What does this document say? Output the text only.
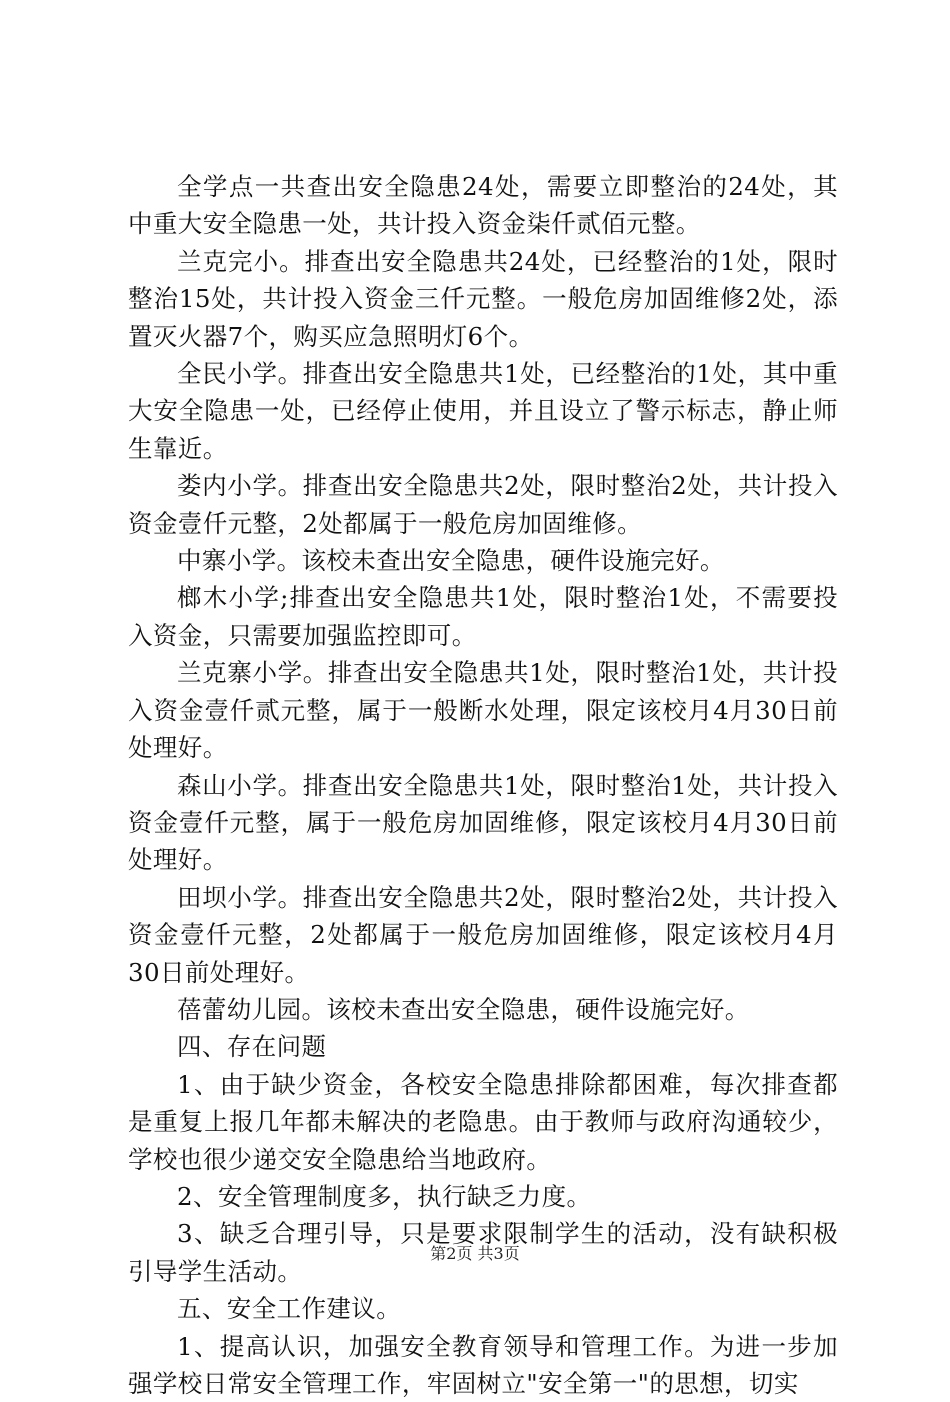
全学点一共查出安全隐患24处，需要立即整治的24处，其中重大安全隐患一处，共计投入资金柒仟贰佰元整。

兰克完小。排查出安全隐患共24处，已经整治的1处，限时整治15处，共计投入资金三仟元整。一般危房加固维修2处，添置灭火器7个，购买应急照明灯6个。

全民小学。排查出安全隐患共1处，已经整治的1处，其中重大安全隐患一处，已经停止使用，并且设立了警示标志，静止师生靠近。

娄内小学。排查出安全隐患共2处，限时整治2处，共计投入资金壹仟元整，2处都属于一般危房加固维修。

中寨小学。该校未查出安全隐患，硬件设施完好。

榔木小学;排查出安全隐患共1处，限时整治1处，不需要投入资金，只需要加强监控即可。

兰克寨小学。排查出安全隐患共1处，限时整治1处，共计投入资金壹仟贰元整，属于一般断水处理，限定该校月4月30日前处理好。

森山小学。排查出安全隐患共1处，限时整治1处，共计投入资金壹仟元整，属于一般危房加固维修，限定该校月4月30日前处理好。

田坝小学。排查出安全隐患共2处，限时整治2处，共计投入资金壹仟元整，2处都属于一般危房加固维修，限定该校月4月30日前处理好。

蓓蕾幼儿园。该校未查出安全隐患，硬件设施完好。

四、存在问题

1、由于缺少资金，各校安全隐患排除都困难，每次排查都是重复上报几年都未解决的老隐患。由于教师与政府沟通较少，学校也很少递交安全隐患给当地政府。

2、安全管理制度多，执行缺乏力度。

3、缺乏合理引导，只是要求限制学生的活动，没有缺积极引导学生活动。

五、安全工作建议。

1、提高认识，加强安全教育领导和管理工作。为进一步加强学校日常安全管理工作，牢固树立"安全第一"的思想，切实

第2页 共3页
